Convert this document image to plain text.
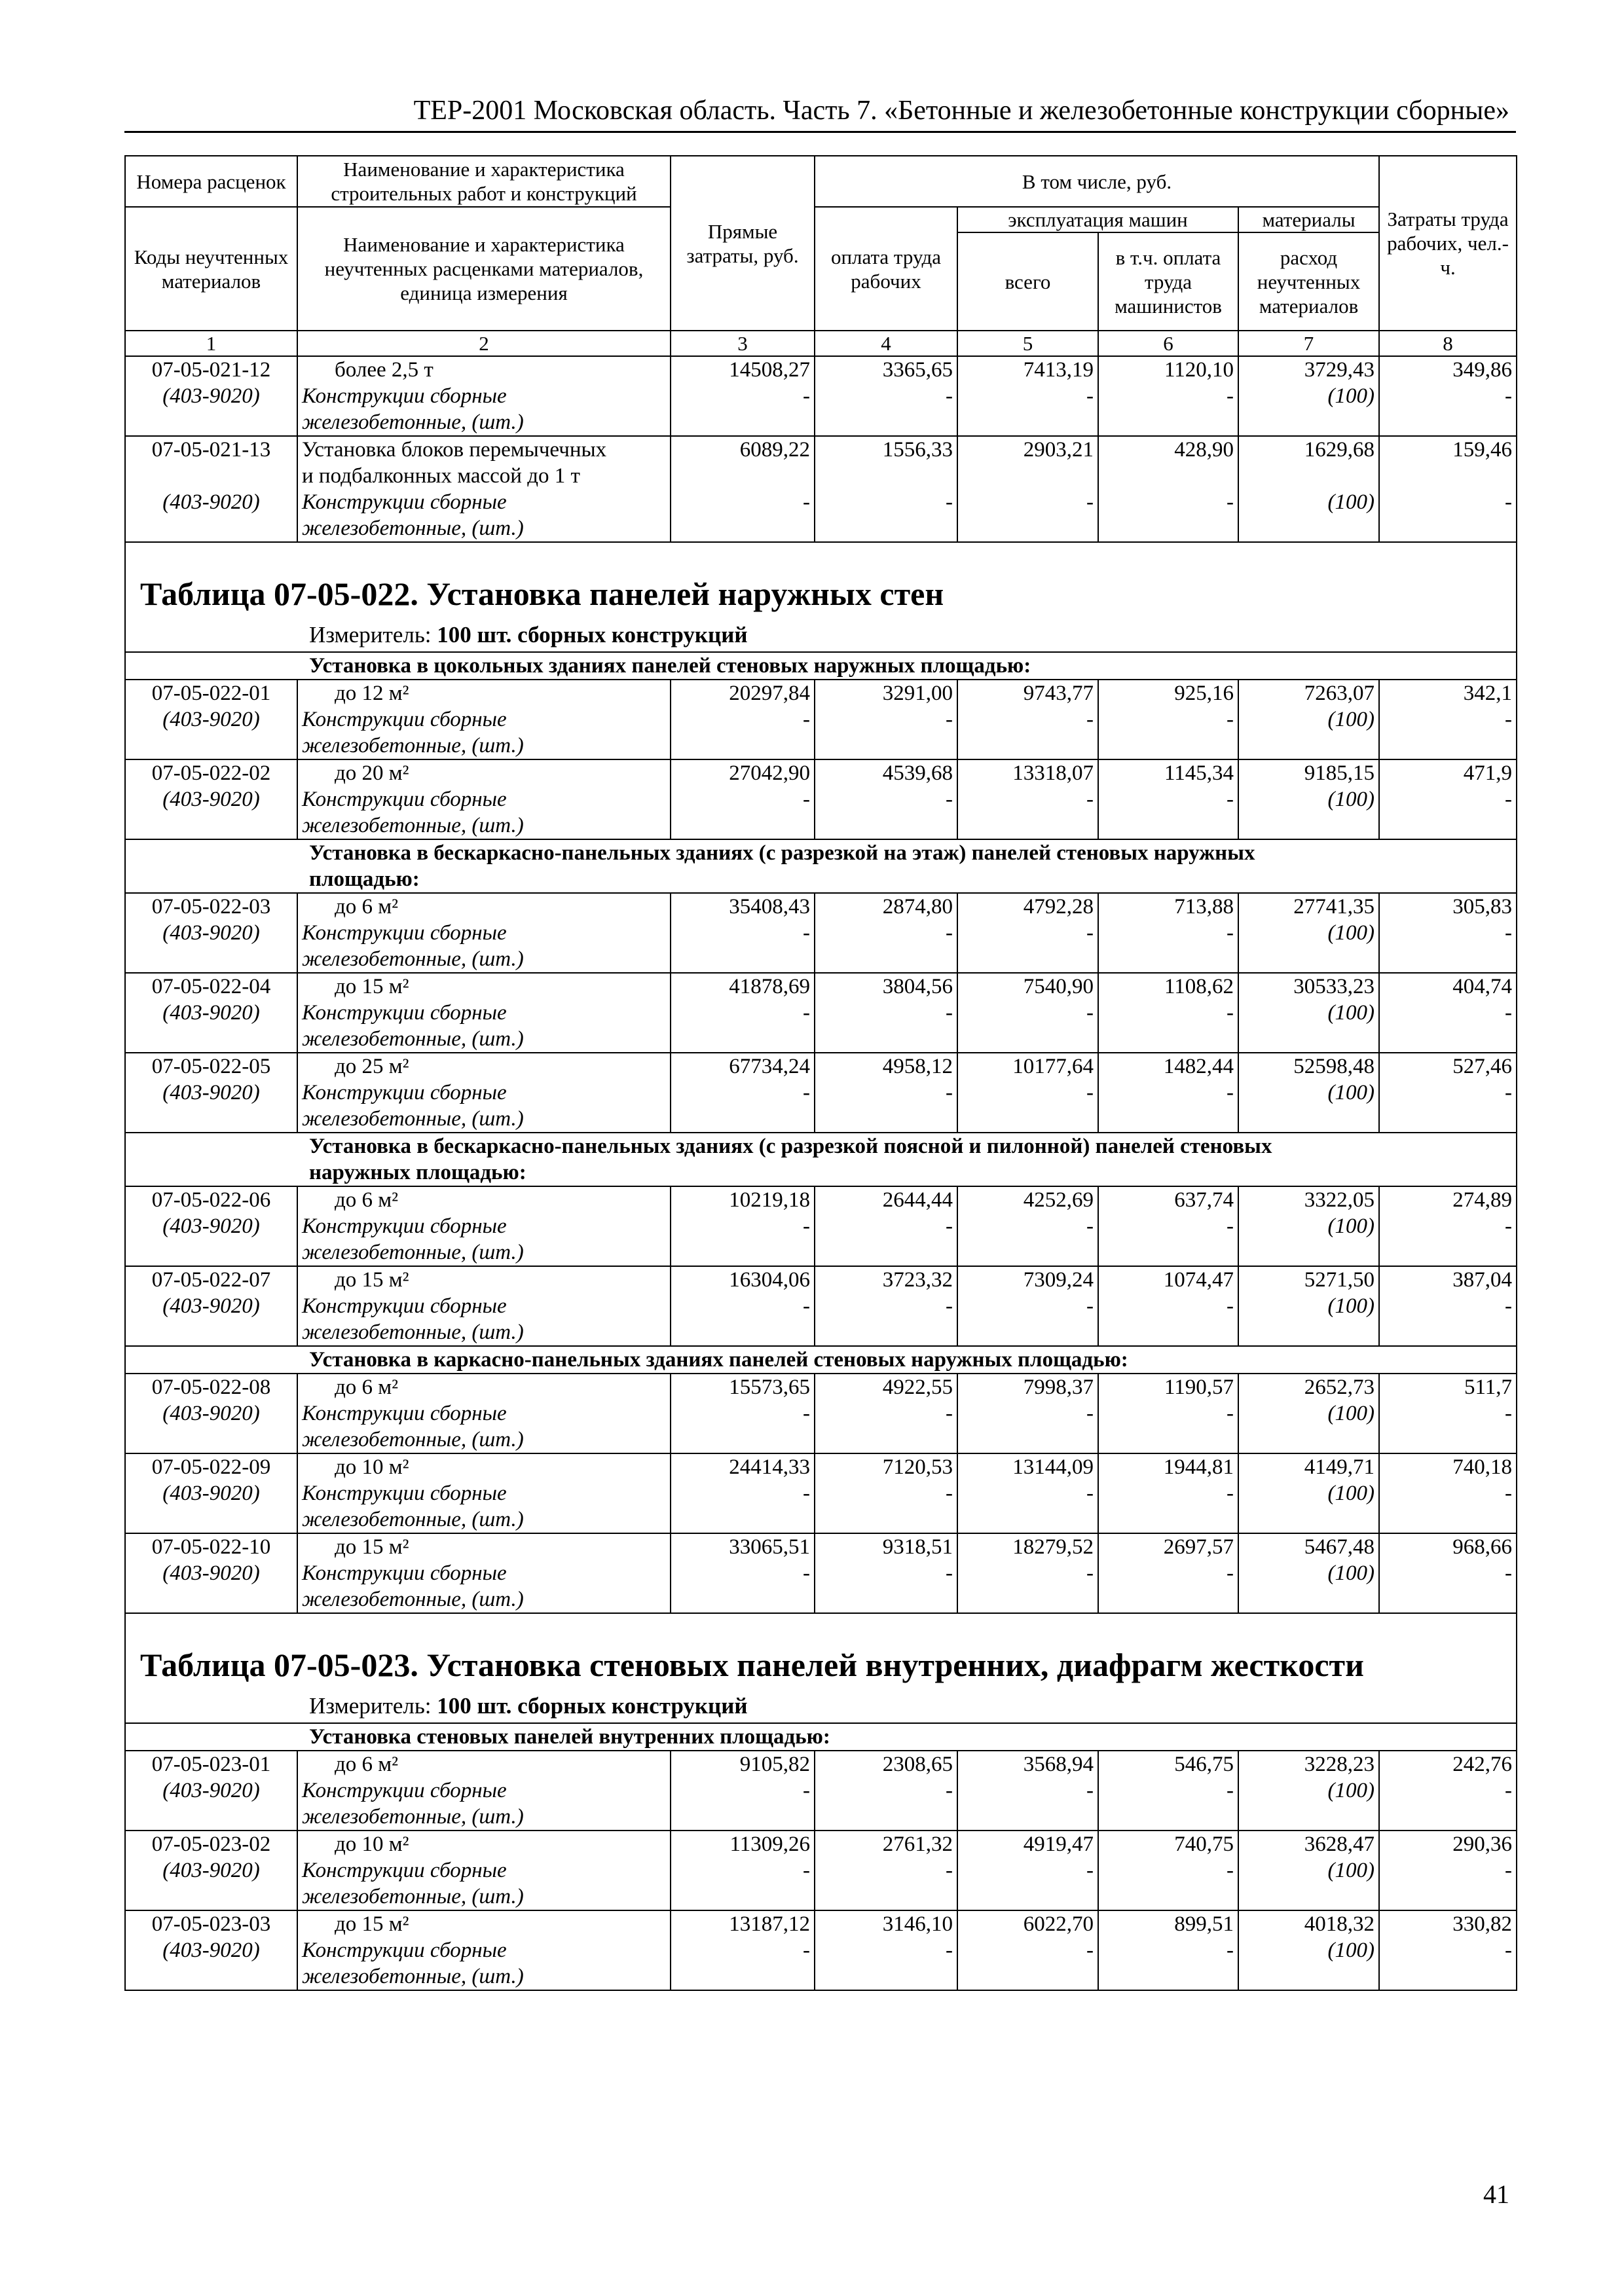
ТЕР-2001 Московская область. Часть 7. «Бетонные и железобетонные конструкции сборные»
Номера расценок	Наименование и характеристика строительных работ и конструкций	Прямые затраты, руб.	В том числе, руб.				Затраты труда рабочих, чел.-ч.
Коды неучтенных материалов	Наименование и характеристика неучтенных расценками материалов, единица измерения		оплата труда рабочих	эксплуатация машин		материалы	
				всего	в т.ч. оплата труда машинистов	расход неучтенных материалов	
1	2	3	4	5	6	7	8
07-05-021-12	более 2,5 т	14508,27	3365,65	7413,19	1120,10	3729,43	349,86
(403-9020)	Конструкции сборные	-	-	-	-	(100)	-
	железобетонные, (шт.)						
07-05-021-13	Установка блоков перемычечных
и подбалконных массой до 1 т	6089,22	1556,33	2903,21	428,90	1629,68	159,46
(403-9020)	Конструкции сборные	-	-	-	-	(100)	-
	железобетонные, (шт.)						
Таблица 07-05-022. Установка панелей наружных стен							
Измеритель: 100 шт. сборных конструкций							

Установка в цокольных зданиях панелей стеновых наружных площадью:							

07-05-022-01	до 12 м²	20297,84	3291,00	9743,77	925,16	7263,07	342,1
(403-9020)	Конструкции сборные	-	-	-	-	(100)	-
	железобетонные, (шт.)						
07-05-022-02	до 20 м²	27042,90	4539,68	13318,07	1145,34	9185,15	471,9
(403-9020)	Конструкции сборные	-	-	-	-	(100)	-
	железобетонные, (шт.)						

Установка в бескаркасно-панельных зданиях (с разрезкой на этаж) панелей стеновых наружных
площадью:							

07-05-022-03	до 6 м²	35408,43	2874,80	4792,28	713,88	27741,35	305,83
(403-9020)	Конструкции сборные	-	-	-	-	(100)	-
	железобетонные, (шт.)						
07-05-022-04	до 15 м²	41878,69	3804,56	7540,90	1108,62	30533,23	404,74
(403-9020)	Конструкции сборные	-	-	-	-	(100)	-
	железобетонные, (шт.)						
07-05-022-05	до 25 м²	67734,24	4958,12	10177,64	1482,44	52598,48	527,46
(403-9020)	Конструкции сборные	-	-	-	-	(100)	-
	железобетонные, (шт.)						

Установка в бескаркасно-панельных зданиях (с разрезкой поясной и пилонной) панелей стеновых
наружных площадью:							

07-05-022-06	до 6 м²	10219,18	2644,44	4252,69	637,74	3322,05	274,89
(403-9020)	Конструкции сборные	-	-	-	-	(100)	-
	железобетонные, (шт.)						
07-05-022-07	до 15 м²	16304,06	3723,32	7309,24	1074,47	5271,50	387,04
(403-9020)	Конструкции сборные	-	-	-	-	(100)	-
	железобетонные, (шт.)						

Установка в каркасно-панельных зданиях панелей стеновых наружных площадью:							

07-05-022-08	до 6 м²	15573,65	4922,55	7998,37	1190,57	2652,73	511,7
(403-9020)	Конструкции сборные	-	-	-	-	(100)	-
	железобетонные, (шт.)						
07-05-022-09	до 10 м²	24414,33	7120,53	13144,09	1944,81	4149,71	740,18
(403-9020)	Конструкции сборные	-	-	-	-	(100)	-
	железобетонные, (шт.)						
07-05-022-10	до 15 м²	33065,51	9318,51	18279,52	2697,57	5467,48	968,66
(403-9020)	Конструкции сборные	-	-	-	-	(100)	-
	железобетонные, (шт.)						
Таблица 07-05-023. Установка стеновых панелей внутренних, диафрагм жесткости							
Измеритель: 100 шт. сборных конструкций							

Установка стеновых панелей внутренних площадью:							

07-05-023-01	до 6 м²	9105,82	2308,65	3568,94	546,75	3228,23	242,76
(403-9020)	Конструкции сборные	-	-	-	-	(100)	-
	железобетонные, (шт.)						
07-05-023-02	до 10 м²	11309,26	2761,32	4919,47	740,75	3628,47	290,36
(403-9020)	Конструкции сборные	-	-	-	-	(100)	-
	железобетонные, (шт.)						
07-05-023-03	до 15 м²	13187,12	3146,10	6022,70	899,51	4018,32	330,82
(403-9020)	Конструкции сборные	-	-	-	-	(100)	-
	железобетонные, (шт.)						
41
